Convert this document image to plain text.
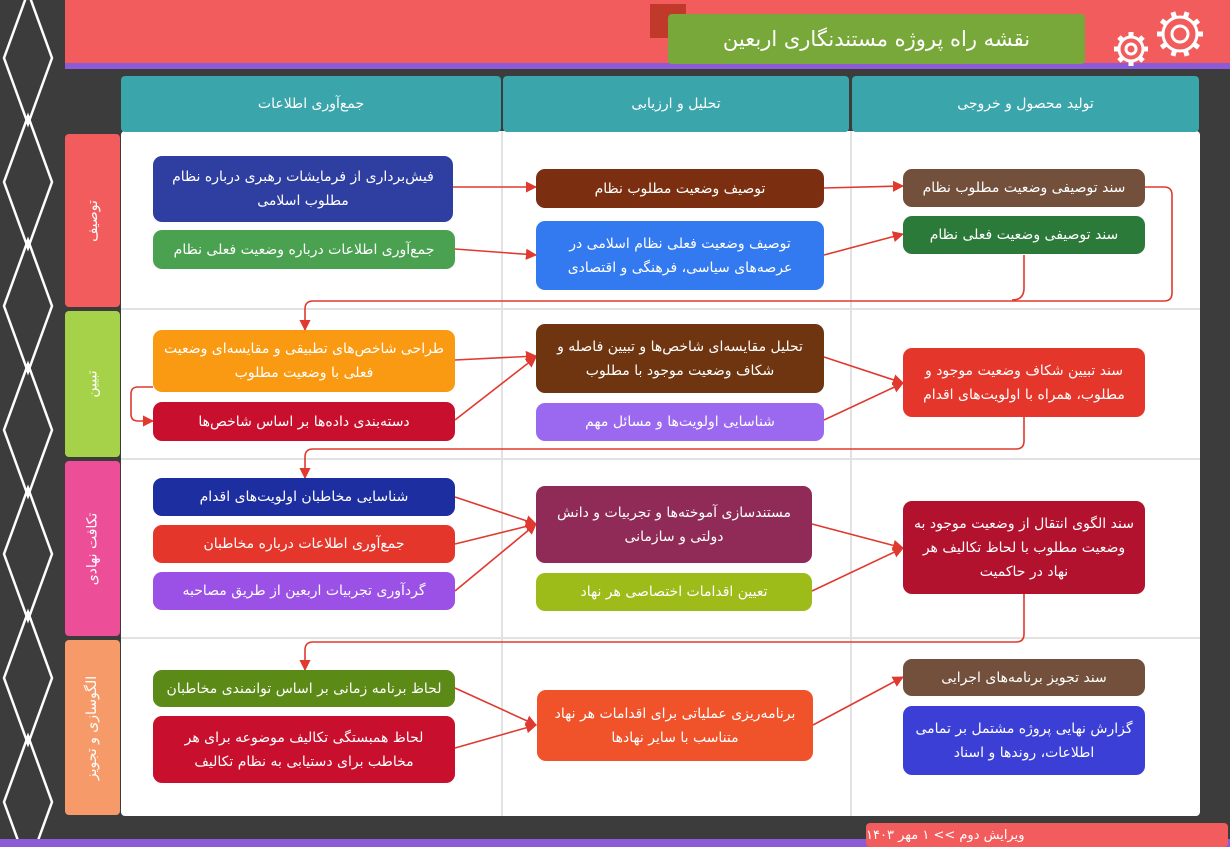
نقشه راه پروژه مستندنگاری اربعین
جمع‌آوری اطلاعات	تحلیل و ارزیابی	تولید محصول و خروجی
توصیف
تبیین
تکافت نهادی
الگوسازی و تجویز
فیش‌برداری از فرمایشات رهبری درباره نظام مطلوب اسلامی
جمع‌آوری اطلاعات درباره وضعیت فعلی نظام
توصیف وضعیت مطلوب نظام
توصیف وضعیت فعلی نظام اسلامی در عرصه‌های سیاسی، فرهنگی و اقتصادی
سند توصیفی وضعیت مطلوب نظام
سند توصیفی وضعیت فعلی نظام
طراحی شاخص‌های تطبیقی و مقایسه‌ای وضعیت فعلی با وضعیت مطلوب
دسته‌بندی داده‌ها بر اساس شاخص‌ها
تحلیل مقایسه‌ای شاخص‌ها و تبیین فاصله و شکاف وضعیت موجود با مطلوب
شناسایی اولویت‌ها و مسائل مهم
سند تبیین شکاف وضعیت موجود و مطلوب، همراه با اولویت‌های اقدام
شناسایی مخاطبان اولویت‌های اقدام
جمع‌آوری اطلاعات درباره مخاطبان
گردآوری تجربیات اربعین از طریق مصاحبه
مستندسازی آموخته‌ها و تجربیات و دانش دولتی و سازمانی
تعیین اقدامات اختصاصی هر نهاد
سند الگوی انتقال از وضعیت موجود به وضعیت مطلوب با لحاظ تکالیف هر نهاد در حاکمیت
لحاظ برنامه زمانی بر اساس توانمندی مخاطبان
لحاظ همبستگی تکالیف موضوعه برای هر مخاطب برای دستیابی به نظام تکالیف
برنامه‌ریزی عملیاتی برای اقدامات هر نهاد متناسب با سایر نهادها
سند تجویز برنامه‌های اجرایی
گزارش نهایی پروژه مشتمل بر تمامی اطلاعات، روندها و اسناد
ویرایش دوم >> ۱ مهر ۱۴۰۳
